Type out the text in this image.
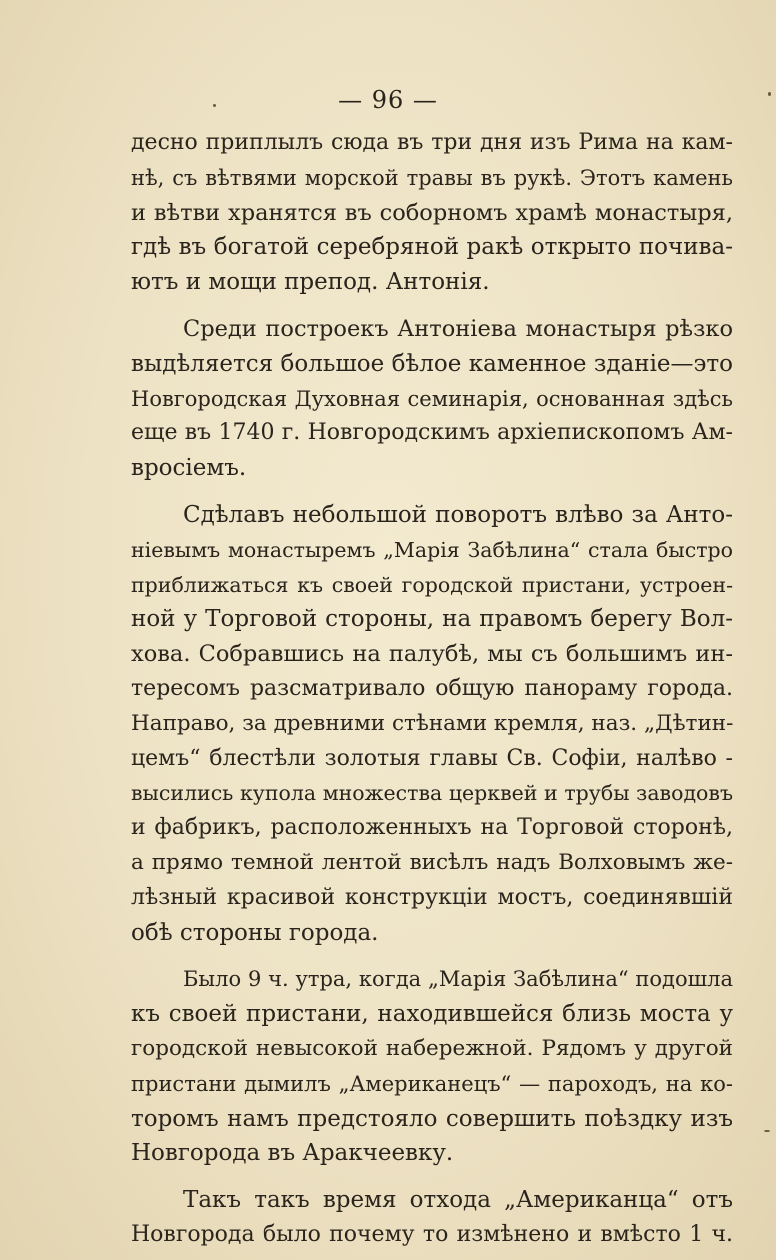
— 96 —

десно приплылъ сюда въ три дня изъ Рима на кам-
нѣ, съ вѣтвями морской травы въ рукѣ. Этотъ камень
и вѣтви хранятся въ соборномъ храмѣ монастыря,
гдѣ въ богатой серебряной ракѣ открыто почива-
ютъ и мощи препод. Антонія.

Среди построекъ Антоніева монастыря рѣзко
выдѣляется большое бѣлое каменное зданіе—это
Новгородская Духовная семинарія, основанная здѣсь
еще въ 1740 г. Новгородскимъ архіепископомъ Ам-
вросіемъ.

Сдѣлавъ небольшой поворотъ влѣво за Анто-
ніевымъ монастыремъ „Марія Забѣлина“ стала быстро
приближаться къ своей городской пристани, устроен-
ной у Торговой стороны, на правомъ берегу Вол-
хова. Собравшись на палубѣ, мы съ большимъ ин-
тересомъ разсматривало общую панораму города.
Направо, за древними стѣнами кремля, наз. „Дѣтин-
цемъ“ блестѣли золотыя главы Св. Софіи, налѣво -
высились купола множества церквей и трубы заводовъ
и фабрикъ, расположенныхъ на Торговой сторонѣ,
а прямо темной лентой висѣлъ надъ Волховымъ же-
лѣзный красивой конструкціи мостъ, соединявшій
обѣ стороны города.

Было 9 ч. утра, когда „Марія Забѣлина“ подошла
къ своей пристани, находившейся близь моста у
городской невысокой набережной. Рядомъ у другой
пристани дымилъ „Американецъ“ — пароходъ, на ко-
торомъ намъ предстояло совершить поѣздку изъ
Новгорода въ Аракчеевку.

Такъ такъ время отхода „Американца“ отъ
Новгорода было почему то измѣнено и вмѣсто 1 ч.
